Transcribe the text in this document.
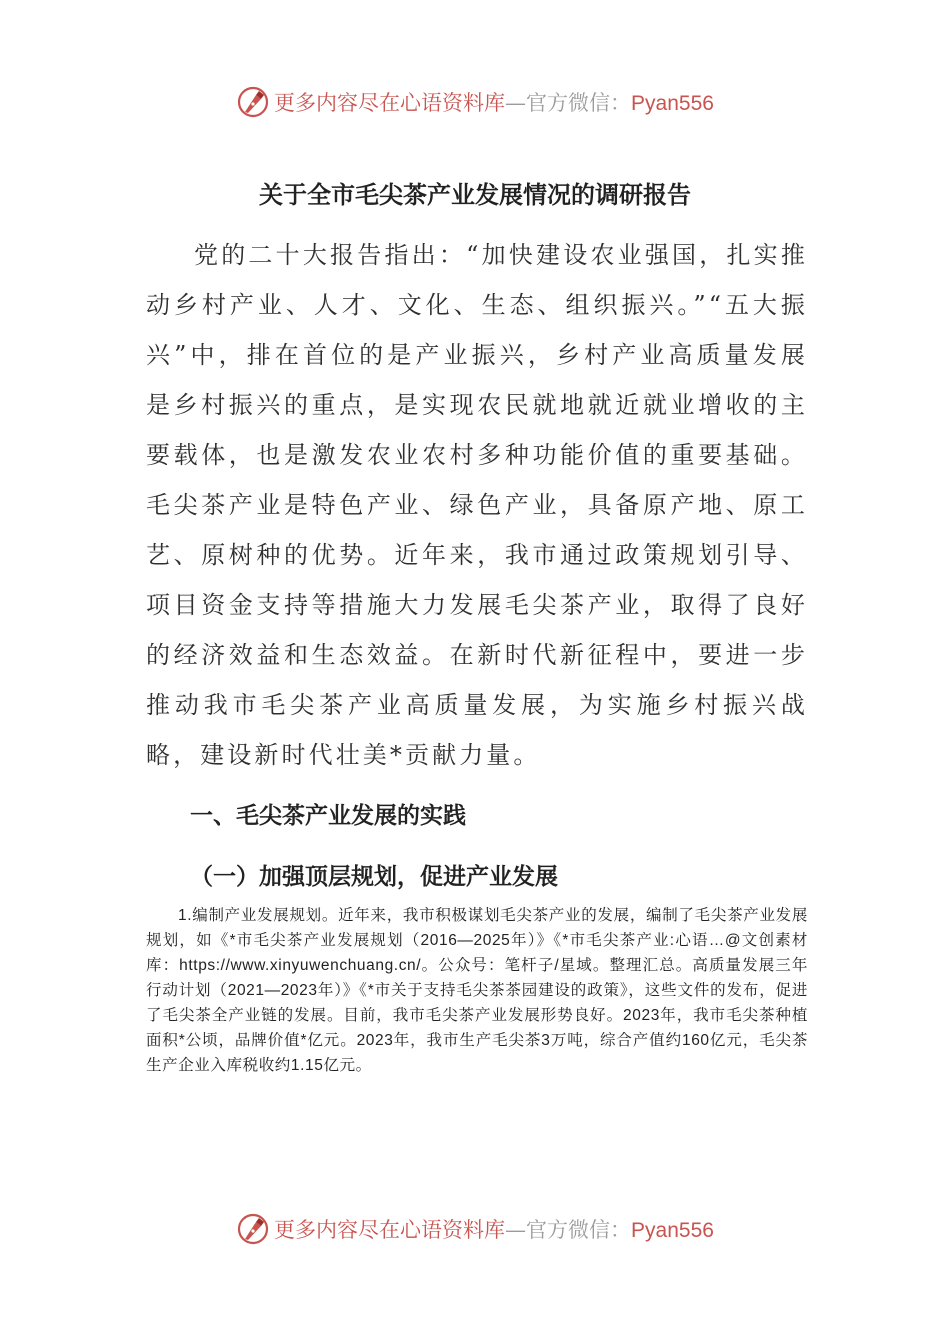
更多内容尽在心语资料库—官方微信：Pyan556
关于全市毛尖茶产业发展情况的调研报告

党的二十大报告指出：“加快建设农业强国，扎实推动乡村产业、人才、文化、生态、组织振兴。”“五大振兴”中，排在首位的是产业振兴，乡村产业高质量发展是乡村振兴的重点，是实现农民就地就近就业增收的主要载体，也是激发农业农村多种功能价值的重要基础。毛尖茶产业是特色产业、绿色产业，具备原产地、原工艺、原树种的优势。近年来，我市通过政策规划引导、项目资金支持等措施大力发展毛尖茶产业，取得了良好的经济效益和生态效益。在新时代新征程中，要进一步推动我市毛尖茶产业高质量发展，为实施乡村振兴战略，建设新时代壮美*贡献力量。

一、毛尖茶产业发展的实践
（一）加强顶层规划，促进产业发展

1.编制产业发展规划。近年来，我市积极谋划毛尖茶产业的发展，编制了毛尖茶产业发展规划，如《*市毛尖茶产业发展规划（2016—2025年）》《*市毛尖茶产业:心语…@文创素材库：https://www.xinyuwenchuang.cn/。公众号：笔杆子/星域。整理汇总。高质量发展三年行动计划（2021—2023年）》《*市关于支持毛尖茶茶园建设的政策》，这些文件的发布，促进了毛尖茶全产业链的发展。目前，我市毛尖茶产业发展形势良好。2023年，我市毛尖茶种植面积*公顷，品牌价值*亿元。2023年，我市生产毛尖茶3万吨，综合产值约160亿元，毛尖茶生产企业入库税收约1.15亿元。

更多内容尽在心语资料库—官方微信：Pyan556
